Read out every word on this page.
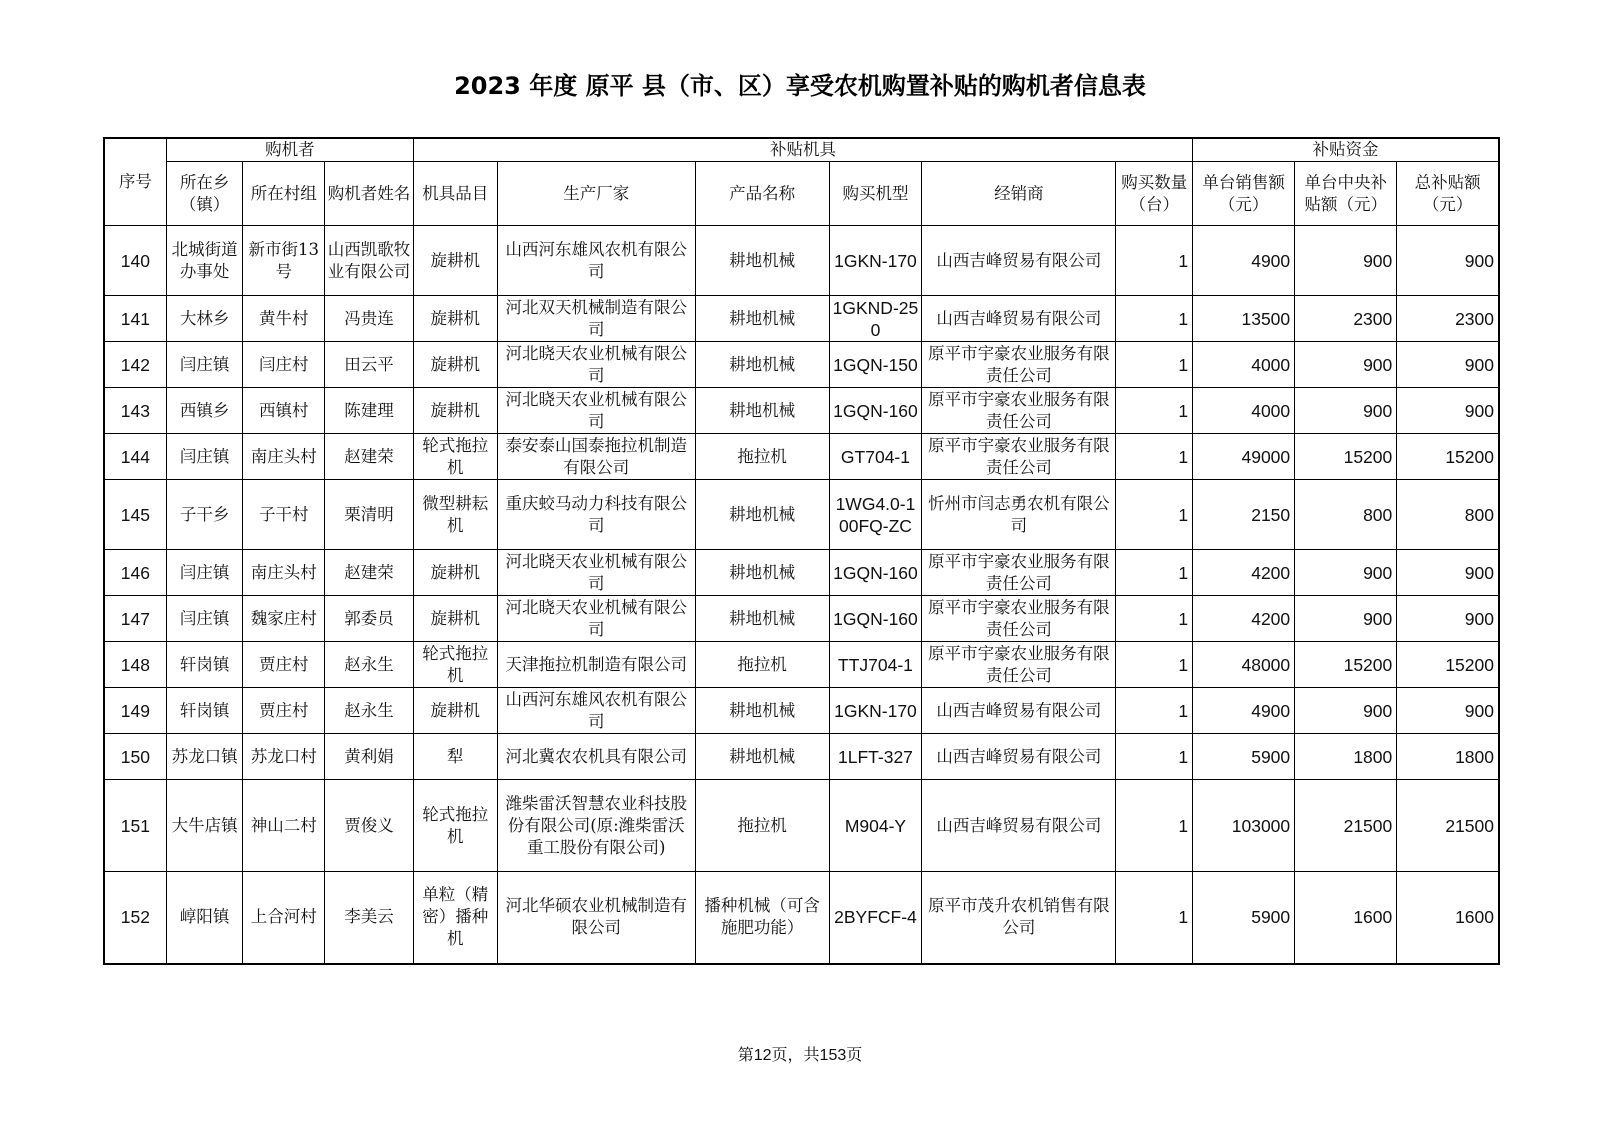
2023 年度 原平 县（市、区）享受农机购置补贴的购机者信息表
序号	购机者			补贴机具						补贴资金		
	所在乡（镇）	所在村组	购机者姓名	机具品目	生产厂家	产品名称	购买机型	经销商	购买数量（台）	单台销售额（元）	单台中央补贴额（元）	总补贴额（元）
140	北城街道办事处	新市街13号	山西凯歌牧业有限公司	旋耕机	山西河东雄风农机有限公司	耕地机械	1GKN-170	山西吉峰贸易有限公司	1	4900	900	900
141	大林乡	黄牛村	冯贵连	旋耕机	河北双天机械制造有限公司	耕地机械	1GKND-250	山西吉峰贸易有限公司	1	13500	2300	2300
142	闫庄镇	闫庄村	田云平	旋耕机	河北晓天农业机械有限公司	耕地机械	1GQN-150	原平市宇豪农业服务有限责任公司	1	4000	900	900
143	西镇乡	西镇村	陈建理	旋耕机	河北晓天农业机械有限公司	耕地机械	1GQN-160	原平市宇豪农业服务有限责任公司	1	4000	900	900
144	闫庄镇	南庄头村	赵建荣	轮式拖拉机	泰安泰山国泰拖拉机制造有限公司	拖拉机	GT704-1	原平市宇豪农业服务有限责任公司	1	49000	15200	15200
145	子干乡	子干村	栗清明	微型耕耘机	重庆蛟马动力科技有限公司	耕地机械	1WG4.0-100FQ-ZC	忻州市闫志勇农机有限公司	1	2150	800	800
146	闫庄镇	南庄头村	赵建荣	旋耕机	河北晓天农业机械有限公司	耕地机械	1GQN-160	原平市宇豪农业服务有限责任公司	1	4200	900	900
147	闫庄镇	魏家庄村	郭委员	旋耕机	河北晓天农业机械有限公司	耕地机械	1GQN-160	原平市宇豪农业服务有限责任公司	1	4200	900	900
148	轩岗镇	贾庄村	赵永生	轮式拖拉机	天津拖拉机制造有限公司	拖拉机	TTJ704-1	原平市宇豪农业服务有限责任公司	1	48000	15200	15200
149	轩岗镇	贾庄村	赵永生	旋耕机	山西河东雄风农机有限公司	耕地机械	1GKN-170	山西吉峰贸易有限公司	1	4900	900	900
150	苏龙口镇	苏龙口村	黄利娟	犁	河北冀农农机具有限公司	耕地机械	1LFT-327	山西吉峰贸易有限公司	1	5900	1800	1800
151	大牛店镇	神山二村	贾俊义	轮式拖拉机	潍柴雷沃智慧农业科技股份有限公司(原:潍柴雷沃重工股份有限公司)	拖拉机	M904-Y	山西吉峰贸易有限公司	1	103000	21500	21500
152	崞阳镇	上合河村	李美云	单粒（精密）播种机	河北华硕农业机械制造有限公司	播种机械（可含施肥功能）	2BYFCF-4	原平市茂升农机销售有限公司	1	5900	1600	1600
第12页，共153页
